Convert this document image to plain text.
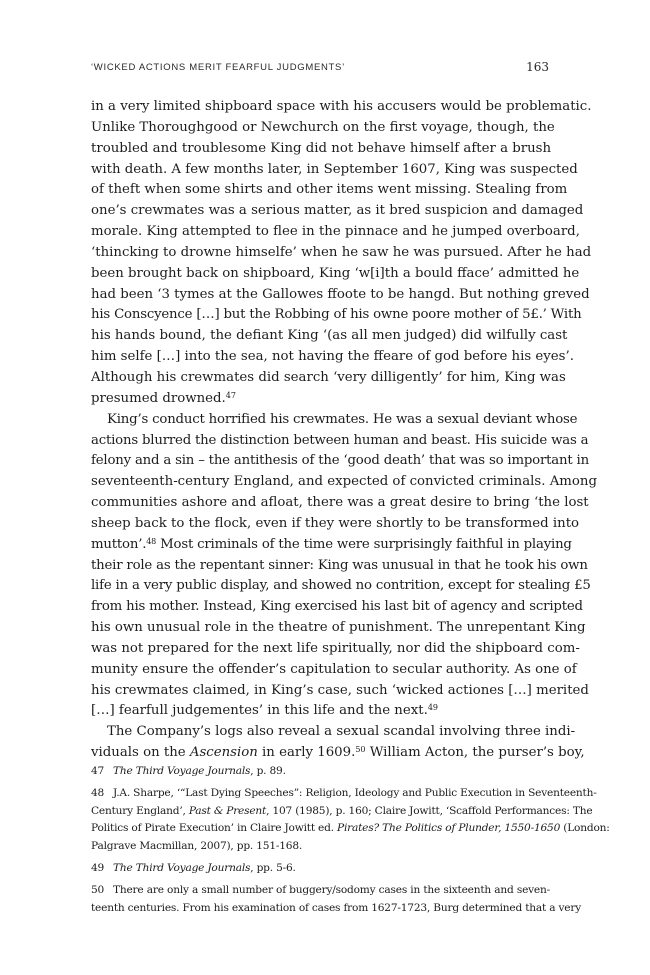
‘WICKED ACTIONS MERIT FEARFUL JUDGMENTS’	163
in a very limited shipboard space with his accusers would be problematic.
Unlike Thoroughgood or Newchurch on the first voyage, though, the
troubled and troublesome King did not behave himself after a brush
with death. A few months later, in September 1607, King was suspected
of theft when some shirts and other items went missing. Stealing from
one’s crewmates was a serious matter, as it bred suspicion and damaged
morale. King attempted to flee in the pinnace and he jumped overboard,
‘thincking to drowne himselfe’ when he saw he was pursued. After he had
been brought back on shipboard, King ‘w[i]th a bould fface’ admitted he
had been ‘3 tymes at the Gallowes ffoote to be hangd. But nothing greved
his Conscyence […] but the Robbing of his owne poore mother of 5£.’ With
his hands bound, the defiant King ‘(as all men judged) did wilfully cast
him selfe […] into the sea, not having the ffeare of god before his eyes’.
Although his crewmates did search ‘very dilligently’ for him, King was
presumed drowned.$^{47}$
King’s conduct horrified his crewmates. He was a sexual deviant whose
actions blurred the distinction between human and beast. His suicide was a
felony and a sin – the antithesis of the ‘good death’ that was so important in
seventeenth-century England, and expected of convicted criminals. Among
communities ashore and afloat, there was a great desire to bring ‘the lost
sheep back to the flock, even if they were shortly to be transformed into
mutton’.$^{48}$ Most criminals of the time were surprisingly faithful in playing
their role as the repentant sinner: King was unusual in that he took his own
life in a very public display, and showed no contrition, except for stealing £5
from his mother. Instead, King exercised his last bit of agency and scripted
his own unusual role in the theatre of punishment. The unrepentant King
was not prepared for the next life spiritually, nor did the shipboard com-
munity ensure the offender’s capitulation to secular authority. As one of
his crewmates claimed, in King’s case, such ‘wicked actiones […] merited
[…] fearfull judgementes’ in this life and the next.$^{49}$
The Company’s logs also reveal a sexual scandal involving three indi-
viduals on the Ascension in early 1609.50 William Acton, the purser’s boy,
47 The Third Voyage Journals, p. 89.
48 J.A. Sharpe, ‘“Last Dying Speeches”: Religion, Ideology and Public Execution in Seventeenth-
Century England’, Past & Present, 107 (1985), p. 160; Claire Jowitt, ‘Scaffold Performances: The
Politics of Pirate Execution’ in Claire Jowitt ed. Pirates? The Politics of Plunder, 1550-1650 (London:
Palgrave Macmillan, 2007), pp. 151-168.
49 The Third Voyage Journals, pp. 5-6.
50 There are only a small number of buggery/sodomy cases in the sixteenth and seven-
teenth centuries. From his examination of cases from 1627-1723, Burg determined that a very
